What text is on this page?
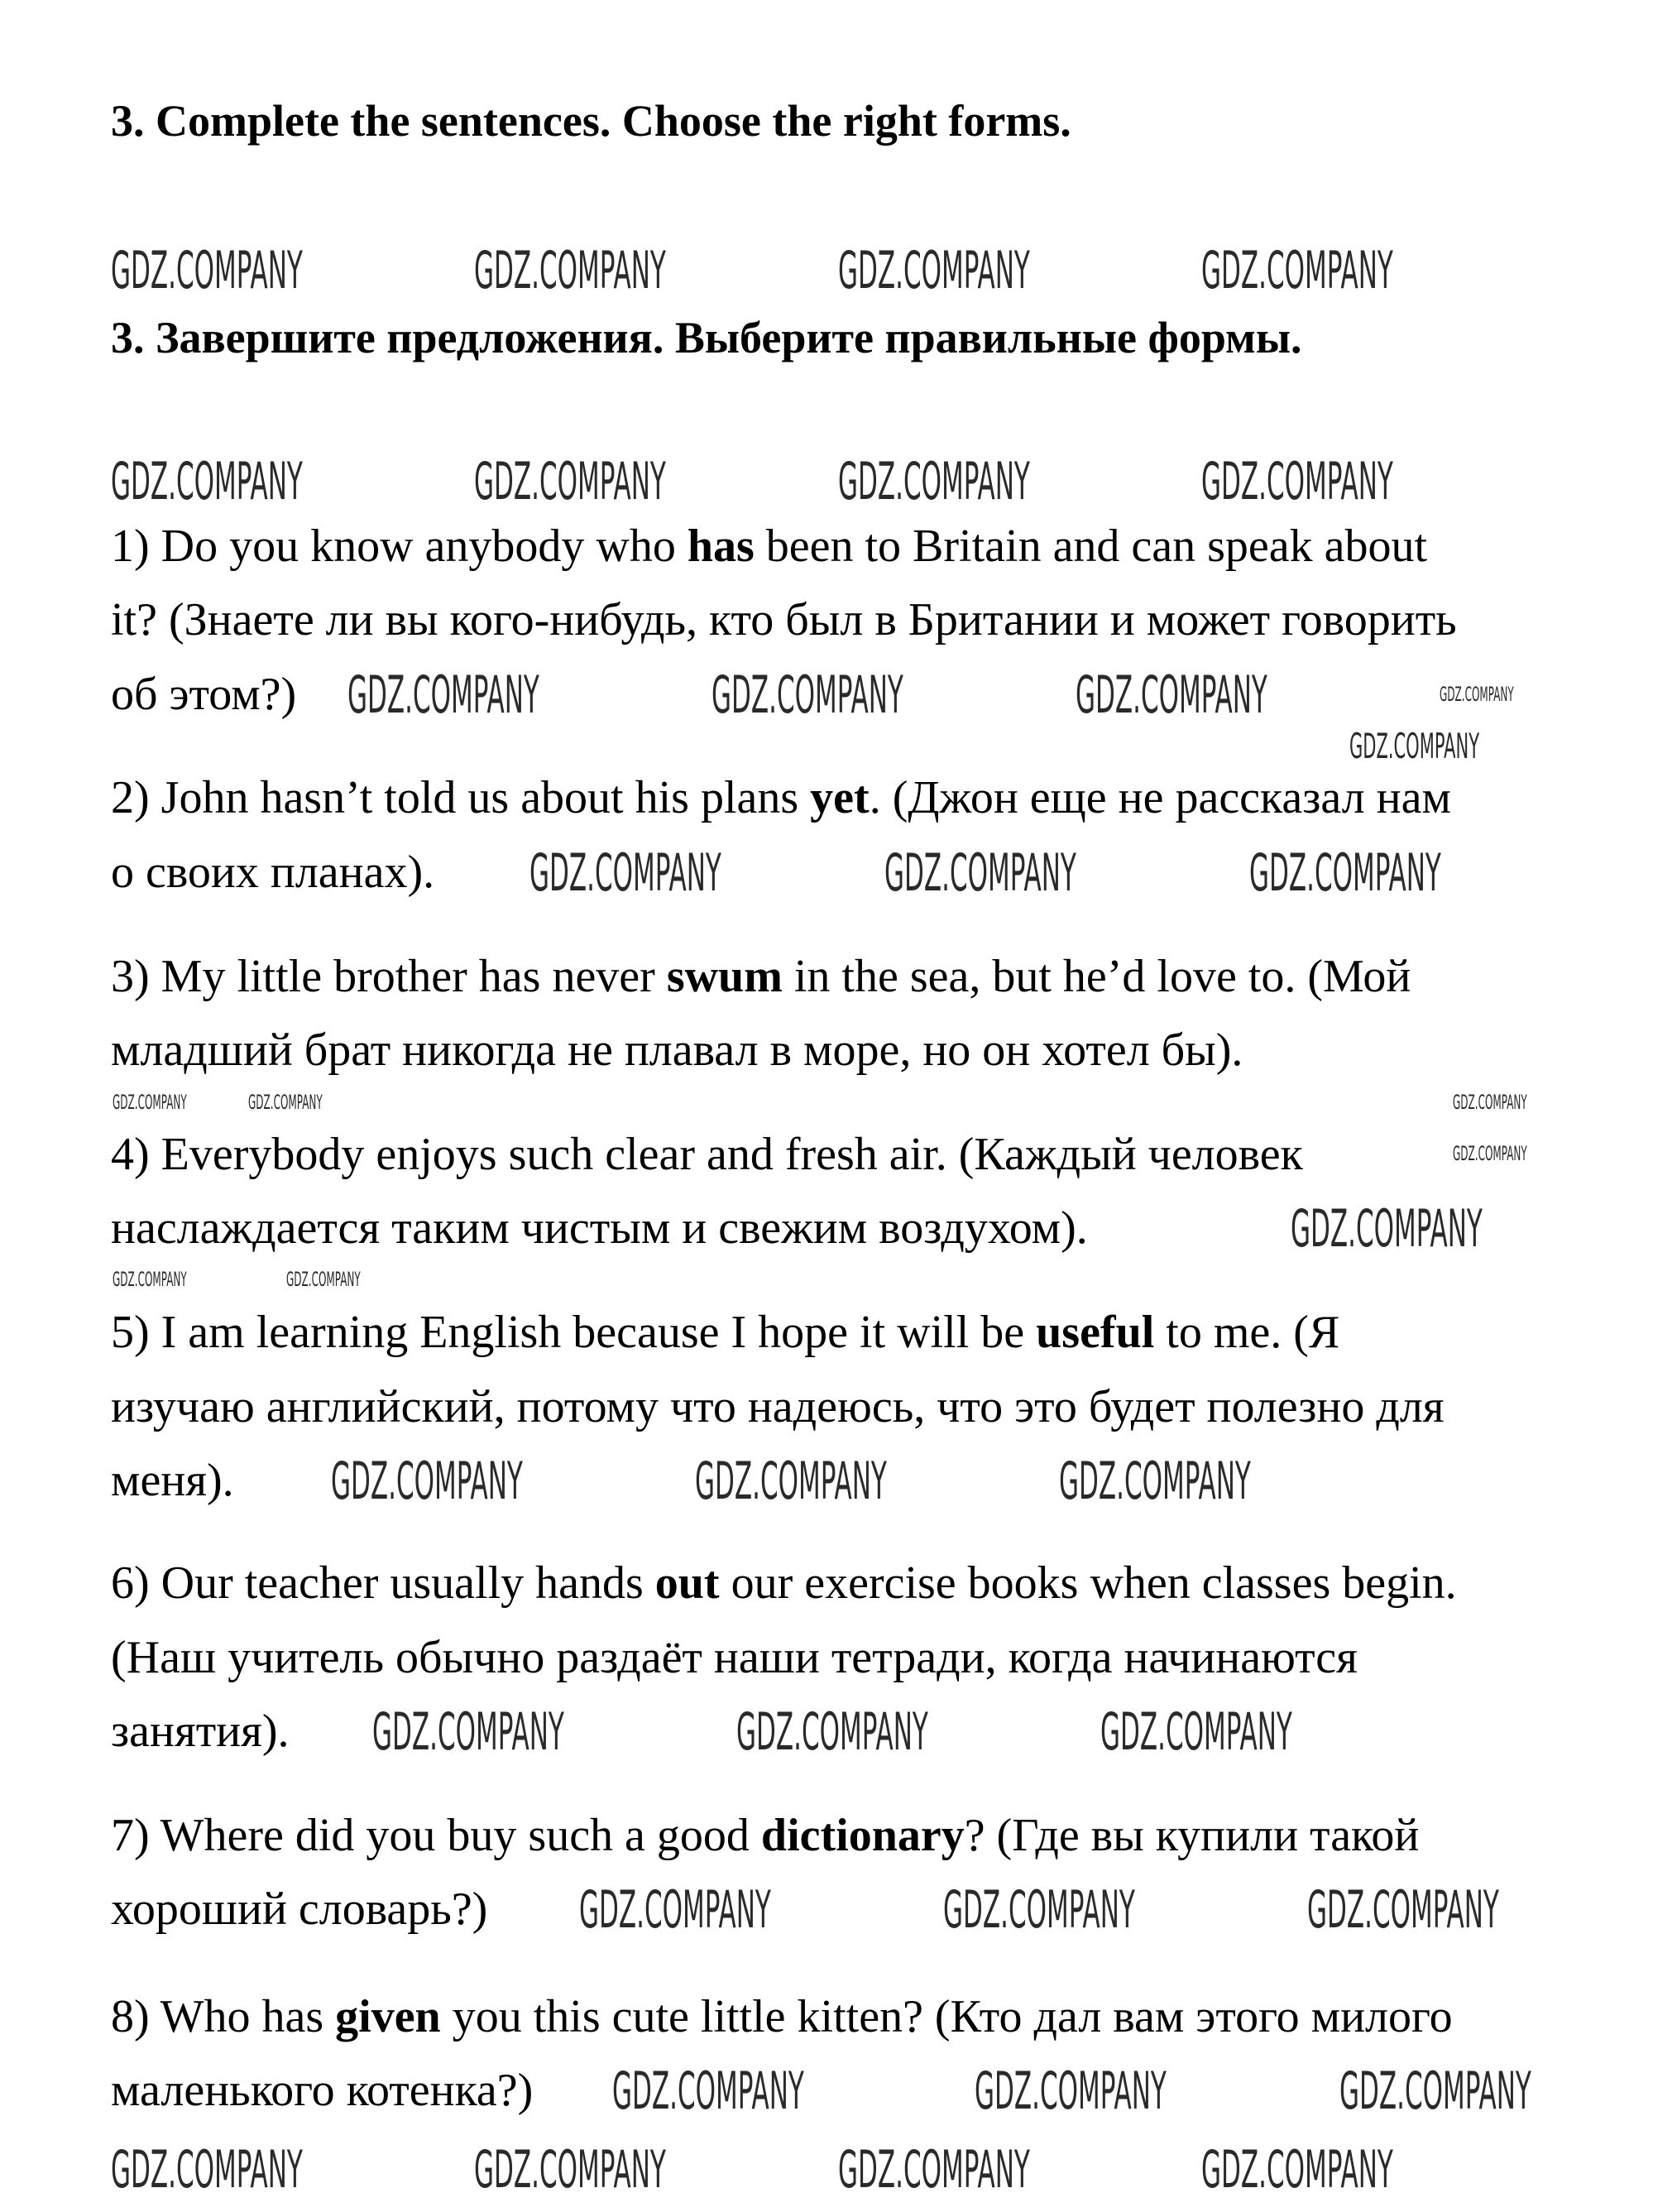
3. Complete the sentences. Choose the right forms.
3. Завершите предложения. Выберите правильные формы.
1) Do you know anybody who has been to Britain and can speak about
it? (Знаете ли вы кого-нибудь, кто был в Британии и может говорить
об этом?)
2) John hasn’t told us about his plans yet. (Джон еще не рассказал нам
о своих планах).
3) My little brother has never swum in the sea, but he’d love to. (Мой
младший брат никогда не плавал в море, но он хотел бы).
4) Everybody enjoys such clear and fresh air. (Каждый человек
наслаждается таким чистым и свежим воздухом).
5) I am learning English because I hope it will be useful to me. (Я
изучаю английский, потому что надеюсь, что это будет полезно для
меня).
6) Our teacher usually hands out our exercise books when classes begin.
(Наш учитель обычно раздаёт наши тетради, когда начинаются
занятия).
7) Where did you buy such a good dictionary? (Где вы купили такой
хороший словарь?)
8) Who has given you this cute little kitten? (Кто дал вам этого милого
маленького котенка?)
GDZ.COMPANY	GDZ.COMPANY	GDZ.COMPANY	GDZ.COMPANY
GDZ.COMPANY	GDZ.COMPANY	GDZ.COMPANY	GDZ.COMPANY
GDZ.COMPANY	GDZ.COMPANY	GDZ.COMPANY	GDZ.COMPANY
GDZ.COMPANY
GDZ.COMPANY	GDZ.COMPANY	GDZ.COMPANY
GDZ.COMPANY	GDZ.COMPANY	GDZ.COMPANY
GDZ.COMPANY
GDZ.COMPANY
GDZ.COMPANY	GDZ.COMPANY
GDZ.COMPANY	GDZ.COMPANY	GDZ.COMPANY
GDZ.COMPANY	GDZ.COMPANY	GDZ.COMPANY
GDZ.COMPANY	GDZ.COMPANY	GDZ.COMPANY
GDZ.COMPANY	GDZ.COMPANY	GDZ.COMPANY
GDZ.COMPANY	GDZ.COMPANY	GDZ.COMPANY	GDZ.COMPANY
